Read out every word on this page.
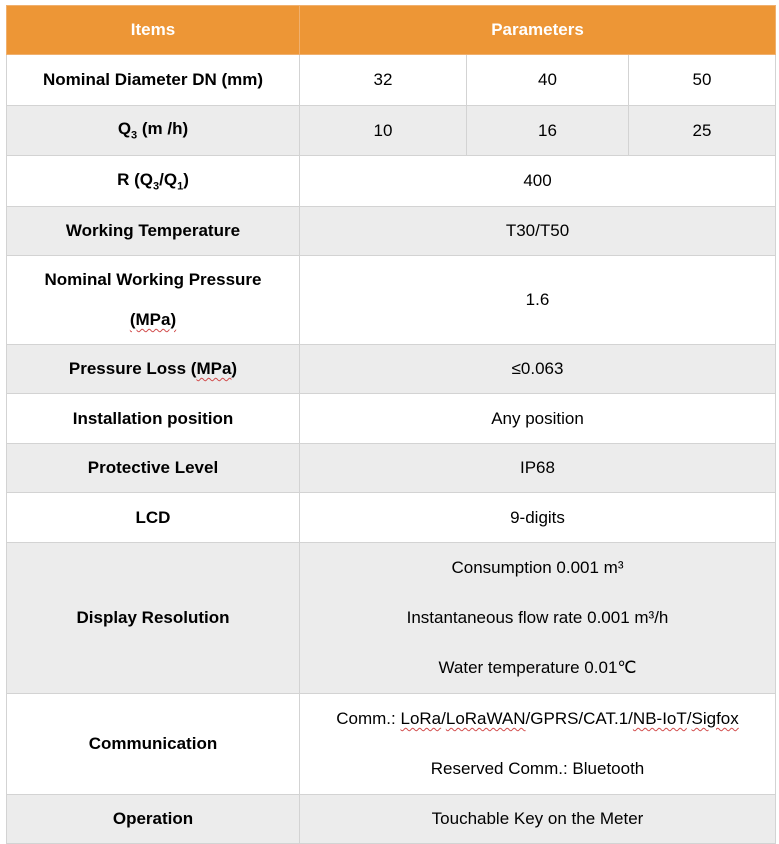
Items	Parameters		
Nominal Diameter DN (mm)	32	40	50
$Q_3$ (m /h)	10	16	25
R $(Q_3/Q_1)$	400		
Working Temperature	T30/T50		

Nominal Working Pressure
(MPa)	1.6		
Pressure Loss (MPa)	≤0.063		
Installation position	Any position		
Protective Level	IP68		
LCD	9-digits		
Display Resolution	Consumption 0.001 m³
Instantaneous flow rate 0.001 m³/h
Water temperature 0.01℃		

Communication	Comm.: LoRa/LoRaWAN/GPRS/CAT.1/NB-IoT/Sigfox
Reserved Comm.: Bluetooth		

Operation	Touchable Key on the Meter		
